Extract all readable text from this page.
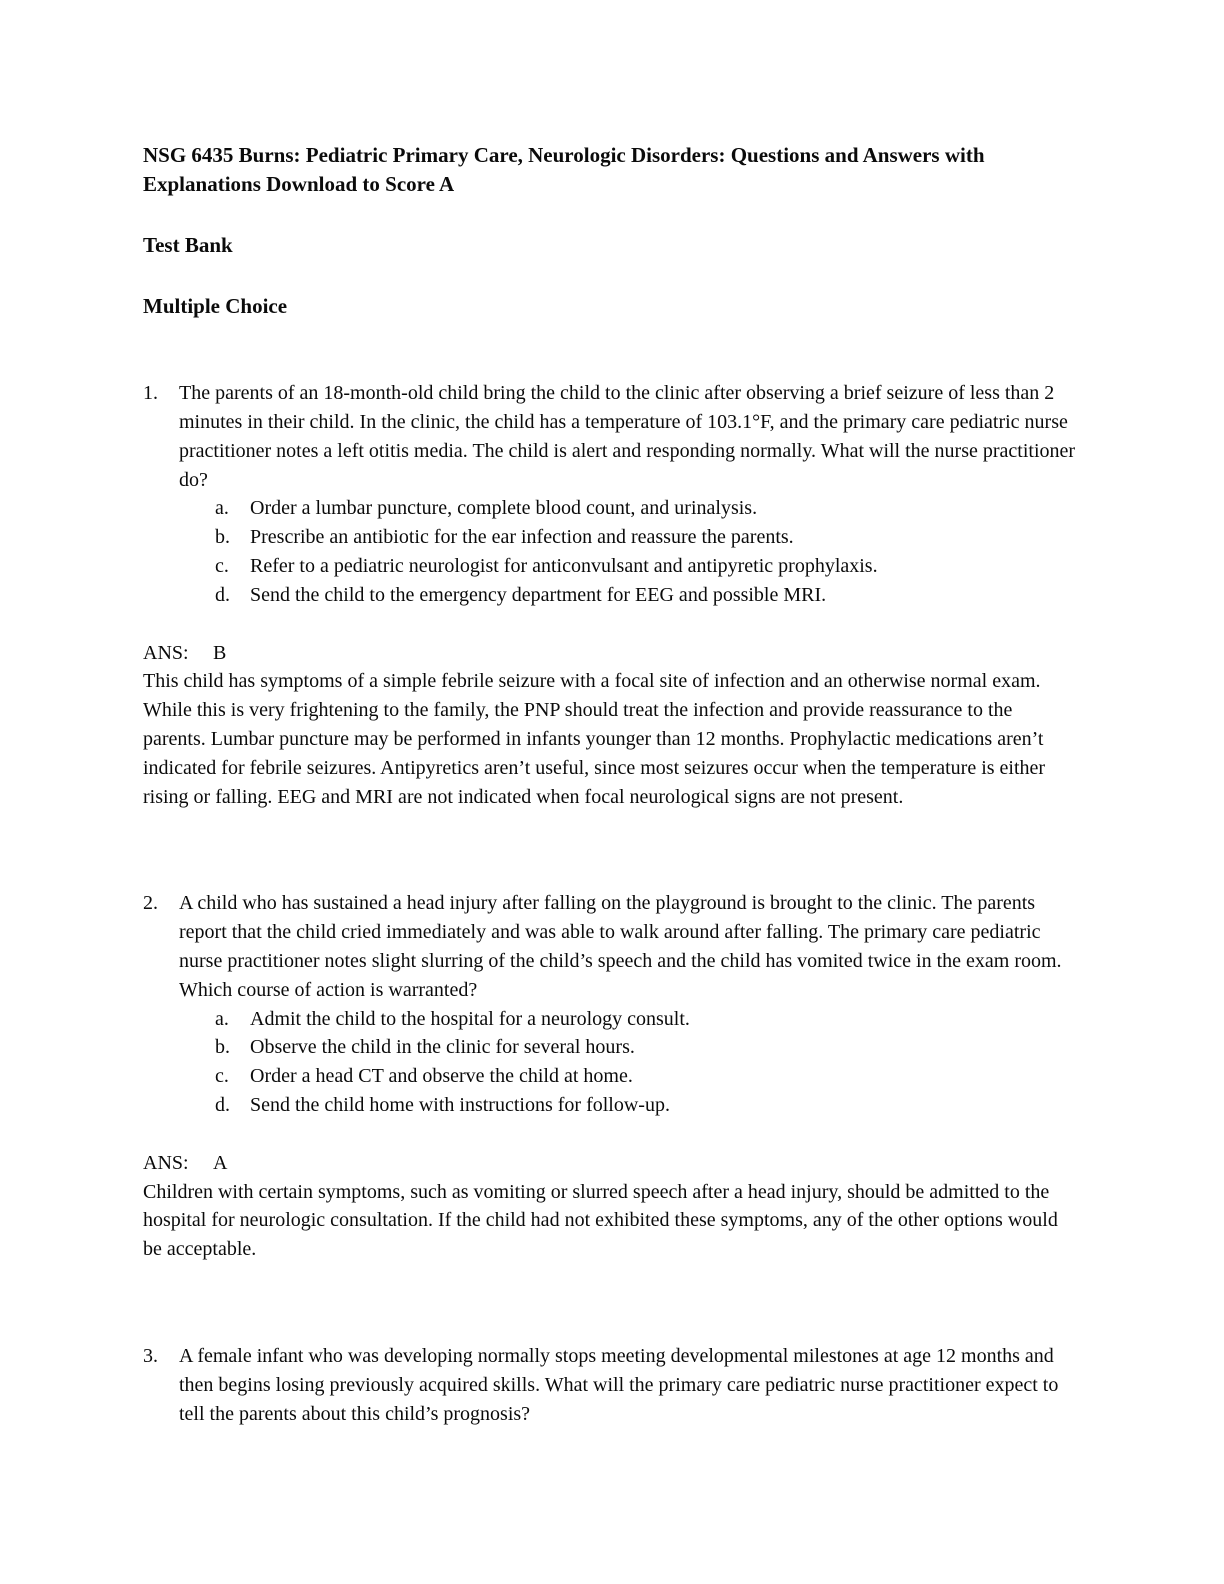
NSG 6435 Burns: Pediatric Primary Care, Neurologic Disorders: Questions and Answers with Explanations Download to Score A

Test Bank

Multiple Choice

1.	The parents of an 18-month-old child bring the child to the clinic after observing a brief seizure of less than 2 minutes in their child. In the clinic, the child has a temperature of 103.1°F, and the primary care pediatric nurse practitioner notes a left otitis media. The child is alert and responding normally. What will the nurse practitioner do?
a.	Order a lumbar puncture, complete blood count, and urinalysis.
b.	Prescribe an antibiotic for the ear infection and reassure the parents.
c.	Refer to a pediatric neurologist for anticonvulsant and antipyretic prophylaxis.
d.	Send the child to the emergency department for EEG and possible MRI.
ANS: B

This child has symptoms of a simple febrile seizure with a focal site of infection and an otherwise normal exam. While this is very frightening to the family, the PNP should treat the infection and provide reassurance to the parents. Lumbar puncture may be performed in infants younger than 12 months. Prophylactic medications aren’t indicated for febrile seizures. Antipyretics aren’t useful, since most seizures occur when the temperature is either rising or falling. EEG and MRI are not indicated when focal neurological signs are not present.

2.	A child who has sustained a head injury after falling on the playground is brought to the clinic. The parents report that the child cried immediately and was able to walk around after falling. The primary care pediatric nurse practitioner notes slight slurring of the child’s speech and the child has vomited twice in the exam room. Which course of action is warranted?
a.	Admit the child to the hospital for a neurology consult.
b.	Observe the child in the clinic for several hours.
c.	Order a head CT and observe the child at home.
d.	Send the child home with instructions for follow-up.
ANS: A

Children with certain symptoms, such as vomiting or slurred speech after a head injury, should be admitted to the hospital for neurologic consultation. If the child had not exhibited these symptoms, any of the other options would be acceptable.

3.	A female infant who was developing normally stops meeting developmental milestones at age 12 months and then begins losing previously acquired skills. What will the primary care pediatric nurse practitioner expect to tell the parents about this child’s prognosis?
